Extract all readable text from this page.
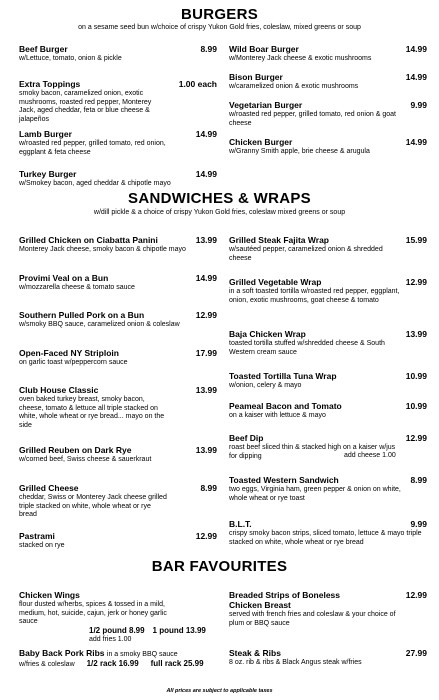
BURGERS
on a sesame seed bun w/choice of crispy Yukon Gold fries, coleslaw, mixed greens or soup
Beef Burger	8.99
w/Lettuce, tomato, onion & pickle
Extra Toppings	1.00 each
smoky bacon, caramelized onion, exotic mushrooms, roasted red pepper, Monterey Jack, aged cheddar, feta or blue cheese & jalapeños
Lamb Burger	14.99
w/roasted red pepper, grilled tomato, red onion, eggplant & feta cheese
Turkey Burger	14.99
w/Smokey bacon, aged cheddar & chipotle mayo
Wild Boar Burger	14.99
w/Monterey Jack cheese & exotic mushrooms
Bison Burger	14.99
w/caramelized onion & exotic mushrooms
Vegetarian Burger	9.99
w/roasted red pepper, grilled tomato, red onion & goat cheese
Chicken Burger	14.99
w/Granny Smith apple, brie cheese & arugula
SANDWICHES & WRAPS
w/dill pickle & a choice of crispy Yukon Gold fries, coleslaw mixed greens or soup
Grilled Chicken on Ciabatta Panini	13.99
Monterey Jack cheese, smoky bacon & chipotle mayo
Provimi Veal on a Bun	14.99
w/mozzarella cheese & tomato sauce
Southern Pulled Pork on a Bun	12.99
w/smoky BBQ sauce, caramelized onion & coleslaw
Open-Faced NY Striploin	17.99
on garlic toast w/peppercorn sauce
Club House Classic	13.99
oven baked turkey breast, smoky bacon, cheese, tomato & lettuce all triple stacked on white, whole wheat or rye bread... mayo on the side
Grilled Reuben on Dark Rye	13.99
w/corned beef, Swiss cheese & sauerkraut
Grilled Cheese	8.99
cheddar, Swiss or Monterey Jack cheese grilled triple stacked on white, whole wheat or rye bread
Pastrami	12.99
stacked on rye
Grilled Steak Fajita Wrap	15.99
w/sautéed pepper, caramelized onion & shredded cheese
Grilled Vegetable Wrap	12.99
in a soft toasted tortilla w/roasted red pepper, eggplant, onion, exotic mushrooms, goat cheese & tomato
Baja Chicken Wrap	13.99
toasted tortilla stuffed w/shredded cheese & South Western cream sauce
Toasted Tortilla Tuna Wrap	10.99
w/onion, celery & mayo
Peameal Bacon and Tomato	10.99
on a kaiser with lettuce & mayo
Beef Dip	12.99
roast beef sliced thin & stacked high on a kaiser w/jus for dipping	add cheese 1.00
Toasted Western Sandwich	8.99
two eggs, Virginia ham, green pepper & onion on white, whole wheat or rye toast
B.L.T.	9.99
crispy smoky bacon strips, sliced tomato, lettuce & mayo triple stacked on white, whole wheat or rye bread
BAR FAVOURITES
Chicken Wings
flour dusted w/herbs, spices & tossed in a mild, medium, hot, suicide, cajun, jerk or honey garlic sauce
1/2 pound 8.99 1 pound 13.99
add fries 1.00
Baby Back Pork Ribs in a smoky BBQ sauce
w/fries & coleslaw 1/2 rack 16.99 full rack 25.99
Breaded Strips of Boneless Chicken Breast
12.99
served with french fries and coleslaw & your choice of plum or BBQ sauce
Steak & Ribs	27.99
8 oz. rib & ribs & Black Angus steak w/fries
All prices are subject to applicable taxes
